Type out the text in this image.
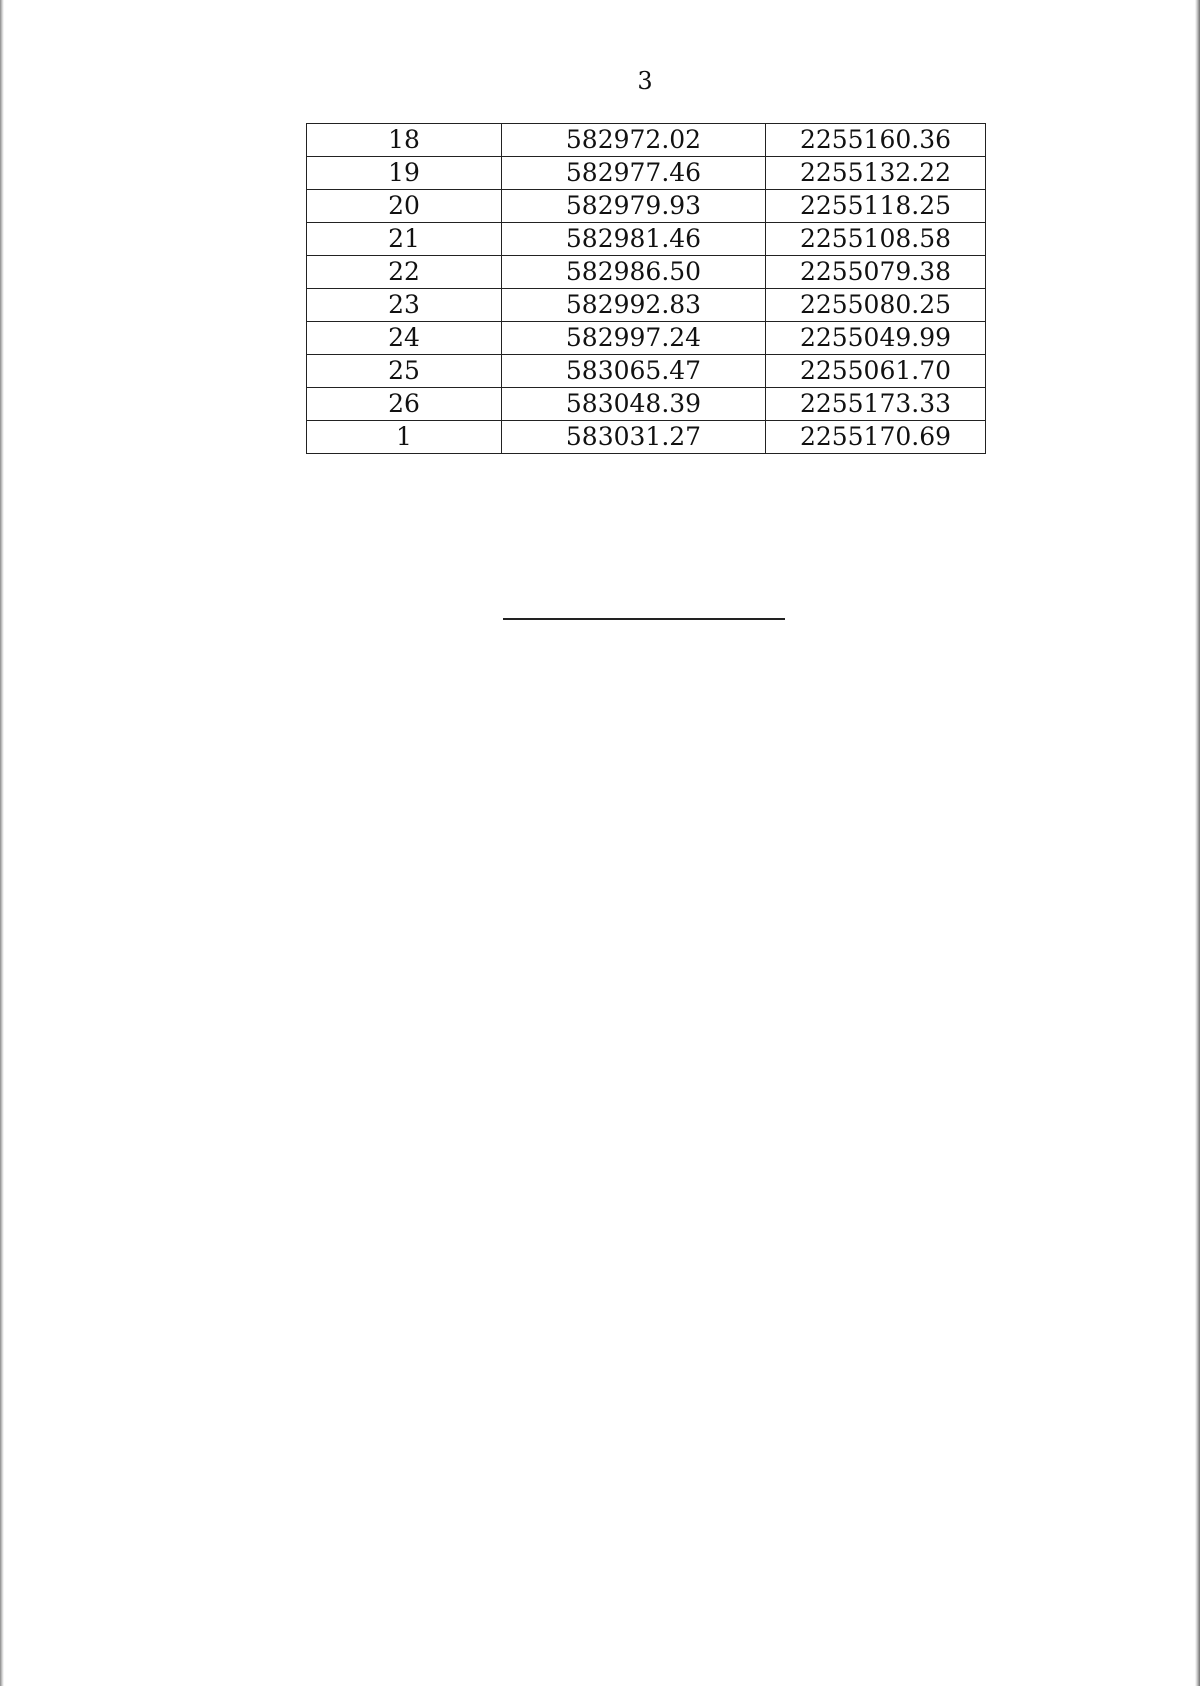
3
18	582972.02	2255160.36
19	582977.46	2255132.22
20	582979.93	2255118.25
21	582981.46	2255108.58
22	582986.50	2255079.38
23	582992.83	2255080.25
24	582997.24	2255049.99
25	583065.47	2255061.70
26	583048.39	2255173.33
1	583031.27	2255170.69
